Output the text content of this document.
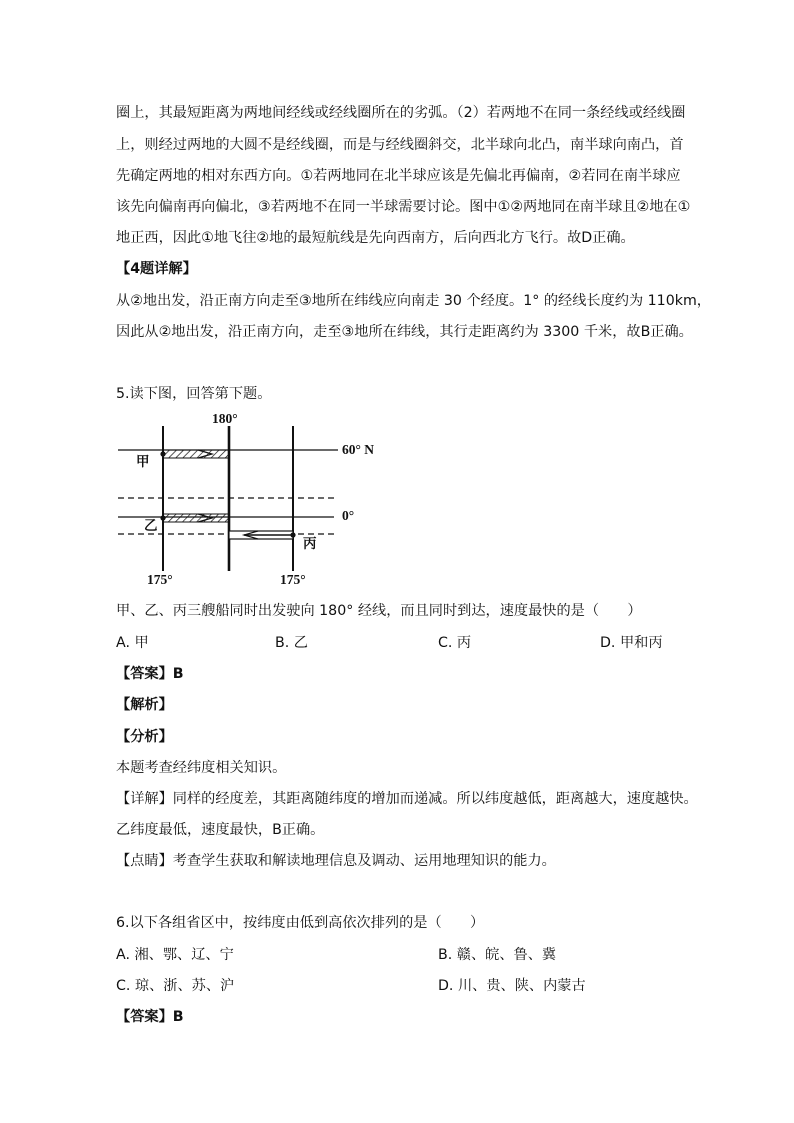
圈上，其最短距离为两地间经线或经线圈所在的劣弧。（2）若两地不在同一条经线或经线圈
上，则经过两地的大圆不是经线圈，而是与经线圈斜交，北半球向北凸，南半球向南凸，首
先确定两地的相对东西方向。①若两地同在北半球应该是先偏北再偏南，②若同在南半球应
该先向偏南再向偏北，③若两地不在同一半球需要讨论。图中①②两地同在南半球且②地在①
地正西，因此①地飞往②地的最短航线是先向西南方，后向西北方飞行。故D正确。
【4题详解】
从②地出发，沿正南方向走至③地所在纬线应向南走 30 个经度。1° 的经线长度约为 110km，
因此从②地出发，沿正南方向，走至③地所在纬线，其行走距离约为 3300 千米，故B正确。
5.读下图，回答第下题。
180°
60° N
0°
175°	175°
甲
乙
丙
甲、乙、丙三艘船同时出发驶向 180° 经线，而且同时到达，速度最快的是（　　）
A. 甲	B. 乙	C. 丙	D. 甲和丙
【答案】B
【解析】
【分析】
本题考查经纬度相关知识。
【详解】同样的经度差，其距离随纬度的增加而递减。所以纬度越低，距离越大，速度越快。
乙纬度最低，速度最快，B正确。
【点睛】考查学生获取和解读地理信息及调动、运用地理知识的能力。
6.以下各组省区中，按纬度由低到高依次排列的是（　　）
A. 湘、鄂、辽、宁	B. 赣、皖、鲁、冀
C. 琼、浙、苏、沪	D. 川、贵、陕、内蒙古
【答案】B
